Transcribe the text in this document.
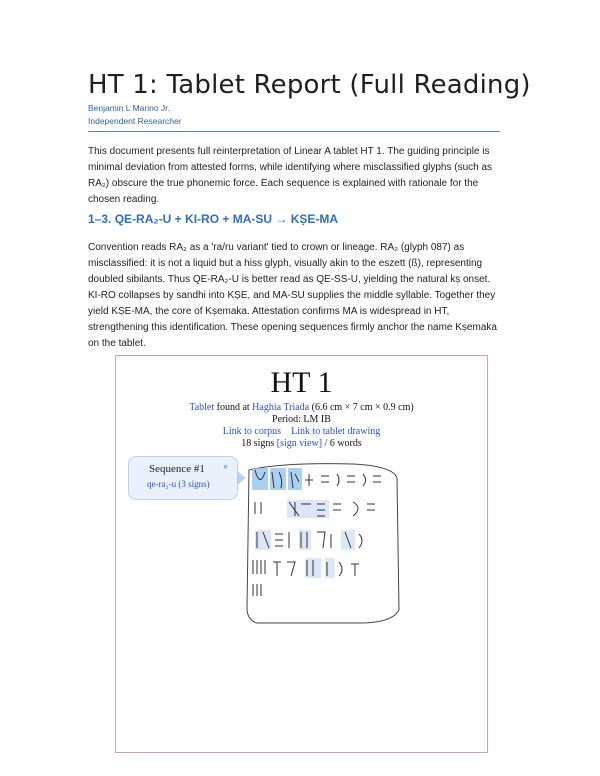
HT 1: Tablet Report (Full Reading)
Benjamin L Marino Jr.
Independent Researcher
This document presents full reinterpretation of Linear A tablet HT 1. The guiding principle is minimal deviation from attested forms, while identifying where misclassified glyphs (such as RA₂) obscure the true phonemic force. Each sequence is explained with rationale for the chosen reading.
1–3. QE-RA₂-U + KI-RO + MA-SU → KṢE-MA
Convention reads RA₂ as a 'ra/ru variant' tied to crown or lineage. RA₂ (glyph 087) as misclassified: it is not a liquid but a hiss glyph, visually akin to the eszett (ß), representing doubled sibilants. Thus QE-RA₂-U is better read as QE-SS-U, yielding the natural kṣ onset. KI-RO collapses by sandhi into KṢE, and MA-SU supplies the middle syllable. Together they yield KṢE-MA, the core of Kṣemaka. Attestation confirms MA is widespread in HT, strengthening this identification. These opening sequences firmly anchor the name Kṣemaka on the tablet.
HT 1
Tablet found at Haghia Triada (6.6 cm × 7 cm × 0.9 cm)
Period: LM IB
Link to corpus Link to tablet drawing
18 signs [sign view] / 6 words
Sequence #1 ×
qe-ra₂-u (3 signs)
